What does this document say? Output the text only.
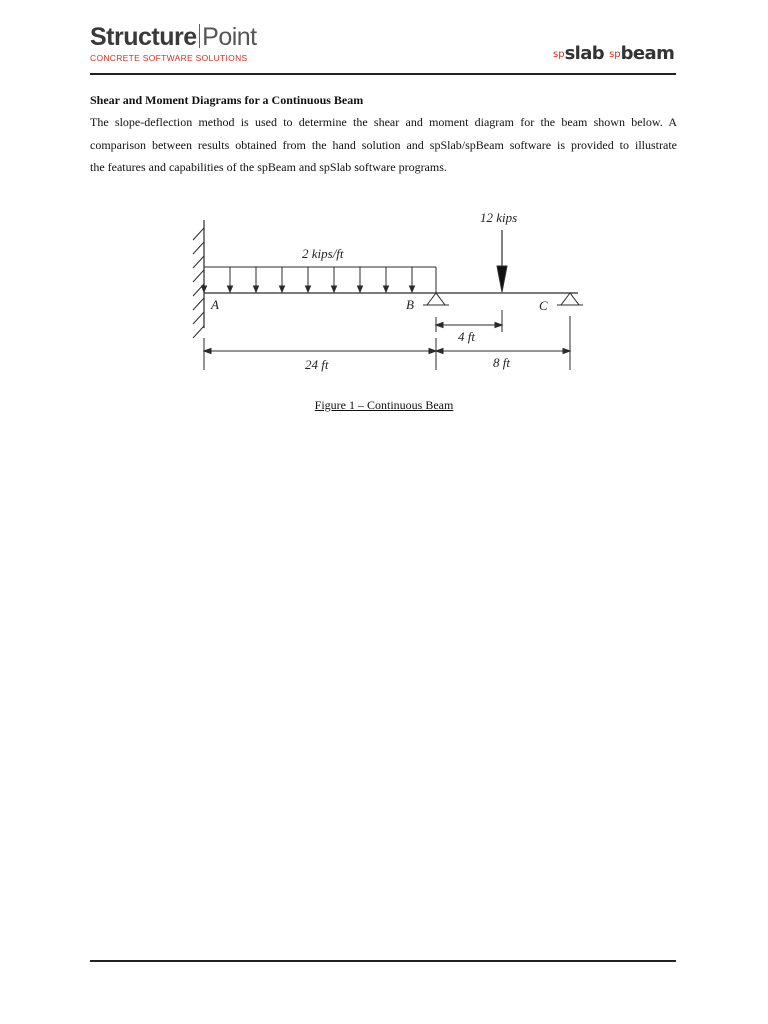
Structure Point
CONCRETE SOFTWARE SOLUTIONS	spslab spbeam
Shear and Moment Diagrams for a Continuous Beam
The slope-deflection method is used to determine the shear and moment diagram for the beam shown below. A
comparison between results obtained from the hand solution and spSlab/spBeam software is provided to illustrate
the features and capabilities of the spBeam and spSlab software programs.
12 kips
2 kips/ft
A	B	C
4 ft
24 ft	8 ft
Figure 1 – Continuous Beam
